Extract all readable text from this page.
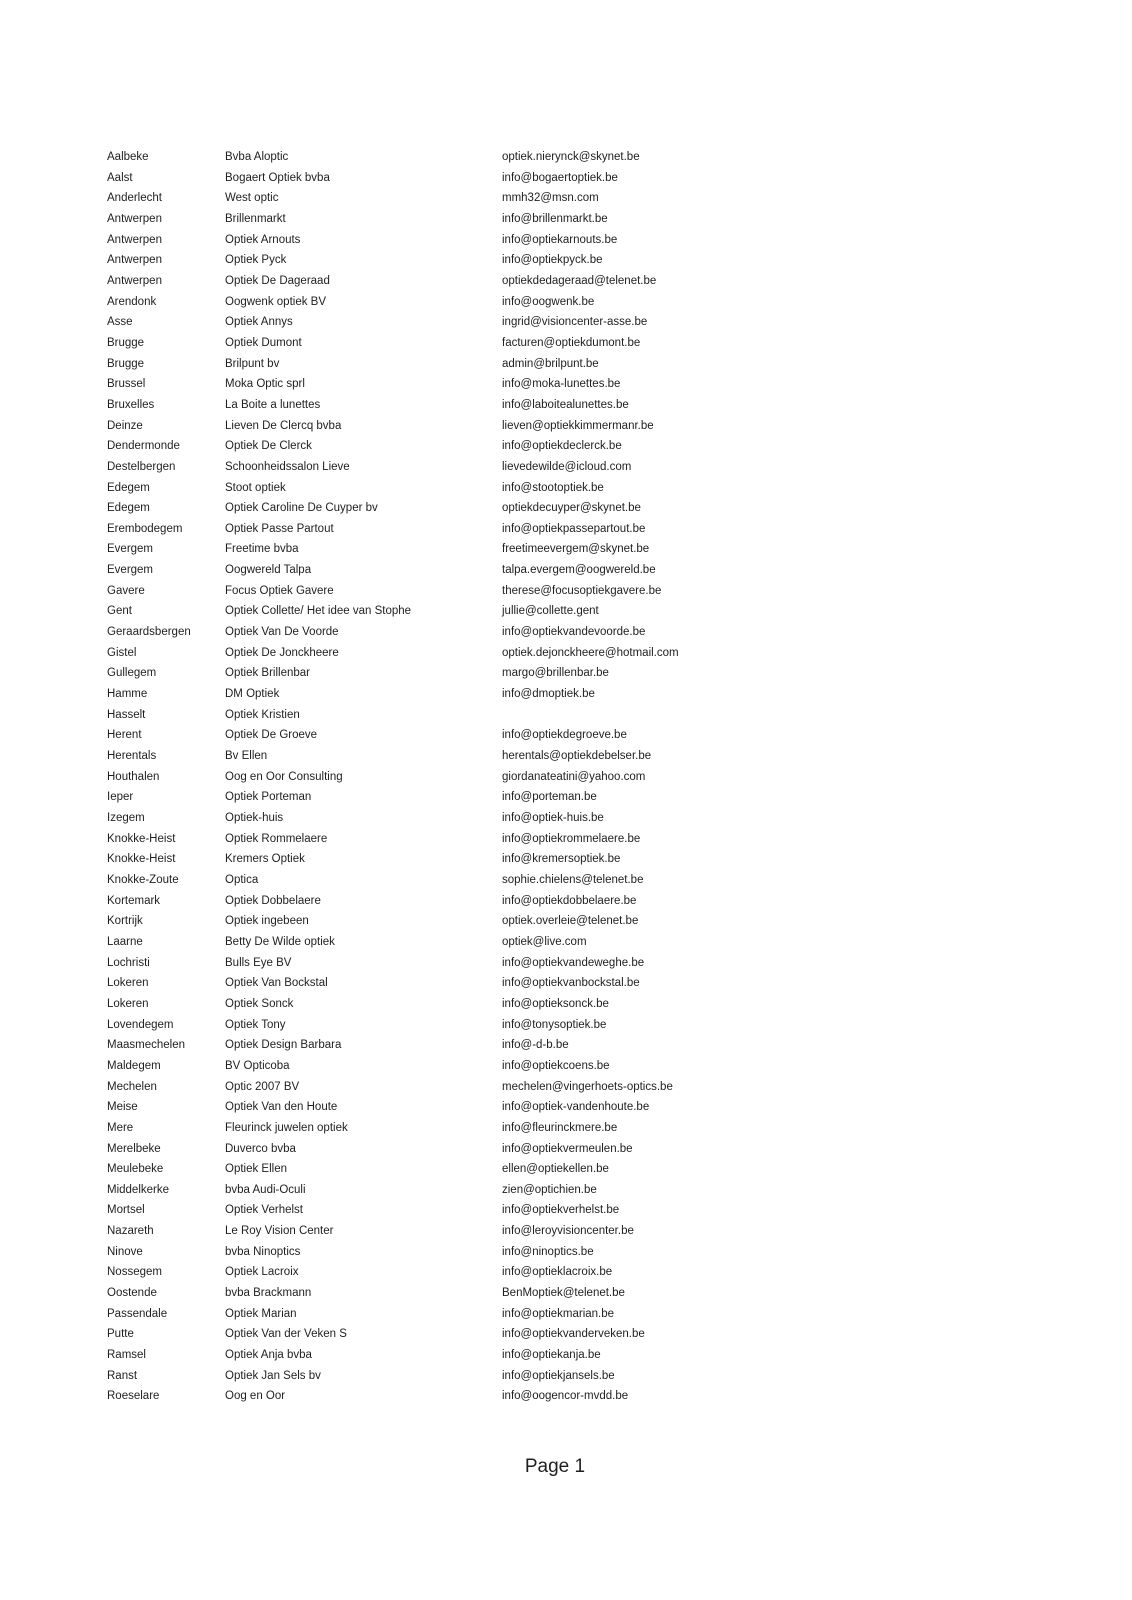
Aalbeke	Bvba Aloptic	optiek.nierynck@skynet.be
Aalst	Bogaert Optiek bvba	info@bogaertoptiek.be
Anderlecht	West optic	mmh32@msn.com
Antwerpen	Brillenmarkt	info@brillenmarkt.be
Antwerpen	Optiek Arnouts	info@optiekarnouts.be
Antwerpen	Optiek Pyck	info@optiekpyck.be
Antwerpen	Optiek De Dageraad	optiekdedageraad@telenet.be
Arendonk	Oogwenk optiek BV	info@oogwenk.be
Asse	Optiek Annys	ingrid@visioncenter-asse.be
Brugge	Optiek Dumont	facturen@optiekdumont.be
Brugge	Brilpunt bv	admin@brilpunt.be
Brussel	Moka Optic sprl	info@moka-lunettes.be
Bruxelles	La Boite a lunettes	info@laboitealunettes.be
Deinze	Lieven De Clercq bvba	lieven@optiekkimmermanr.be
Dendermonde	Optiek De Clerck	info@optiekdeclerck.be
Destelbergen	Schoonheidssalon Lieve	lievedewilde@icloud.com
Edegem	Stoot optiek	info@stootoptiek.be
Edegem	Optiek Caroline De Cuyper bv	optiekdecuyper@skynet.be
Erembodegem	Optiek Passe Partout	info@optiekpassepartout.be
Evergem	Freetime bvba	freetimeevergem@skynet.be
Evergem	Oogwereld Talpa	talpa.evergem@oogwereld.be
Gavere	Focus Optiek Gavere	therese@focusoptiekgavere.be
Gent	Optiek Collette/ Het idee van Stophe	jullie@collette.gent
Geraardsbergen	Optiek Van De Voorde	info@optiekvandevoorde.be
Gistel	Optiek De Jonckheere	optiek.dejonckheere@hotmail.com
Gullegem	Optiek Brillenbar	margo@brillenbar.be
Hamme	DM Optiek	info@dmoptiek.be
Hasselt	Optiek Kristien
Herent	Optiek De Groeve	info@optiekdegroeve.be
Herentals	Bv Ellen	herentals@optiekdebelser.be
Houthalen	Oog en Oor Consulting	giordanateatini@yahoo.com
Ieper	Optiek Porteman	info@porteman.be
Izegem	Optiek-huis	info@optiek-huis.be
Knokke-Heist	Optiek Rommelaere	info@optiekrommelaere.be
Knokke-Heist	Kremers Optiek	info@kremersoptiek.be
Knokke-Zoute	Optica	sophie.chielens@telenet.be
Kortemark	Optiek Dobbelaere	info@optiekdobbelaere.be
Kortrijk	Optiek ingebeen	optiek.overleie@telenet.be
Laarne	Betty De Wilde optiek	optiek@live.com
Lochristi	Bulls Eye BV	info@optiekvandeweghe.be
Lokeren	Optiek Van Bockstal	info@optiekvanbockstal.be
Lokeren	Optiek Sonck	info@optieksonck.be
Lovendegem	Optiek Tony	info@tonysoptiek.be
Maasmechelen	Optiek Design Barbara	info@-d-b.be
Maldegem	BV Opticoba	info@optiekcoens.be
Mechelen	Optic 2007 BV	mechelen@vingerhoets-optics.be
Meise	Optiek Van den Houte	info@optiek-vandenhoute.be
Mere	Fleurinck juwelen optiek	info@fleurinckmere.be
Merelbeke	Duverco bvba	info@optiekvermeulen.be
Meulebeke	Optiek Ellen	ellen@optiekellen.be
Middelkerke	bvba Audi-Oculi	zien@optichien.be
Mortsel	Optiek Verhelst	info@optiekverhelst.be
Nazareth	Le Roy Vision Center	info@leroyvisioncenter.be
Ninove	bvba Ninoptics	info@ninoptics.be
Nossegem	Optiek Lacroix	info@optieklacroix.be
Oostende	bvba Brackmann	BenMoptiek@telenet.be
Passendale	Optiek Marian	info@optiekmarian.be
Putte	Optiek Van der Veken S	info@optiekvanderveken.be
Ramsel	Optiek Anja bvba	info@optiekanja.be
Ranst	Optiek Jan Sels bv	info@optiekjansels.be
Roeselare	Oog en Oor	info@oogencor-mvdd.be
Page 1
